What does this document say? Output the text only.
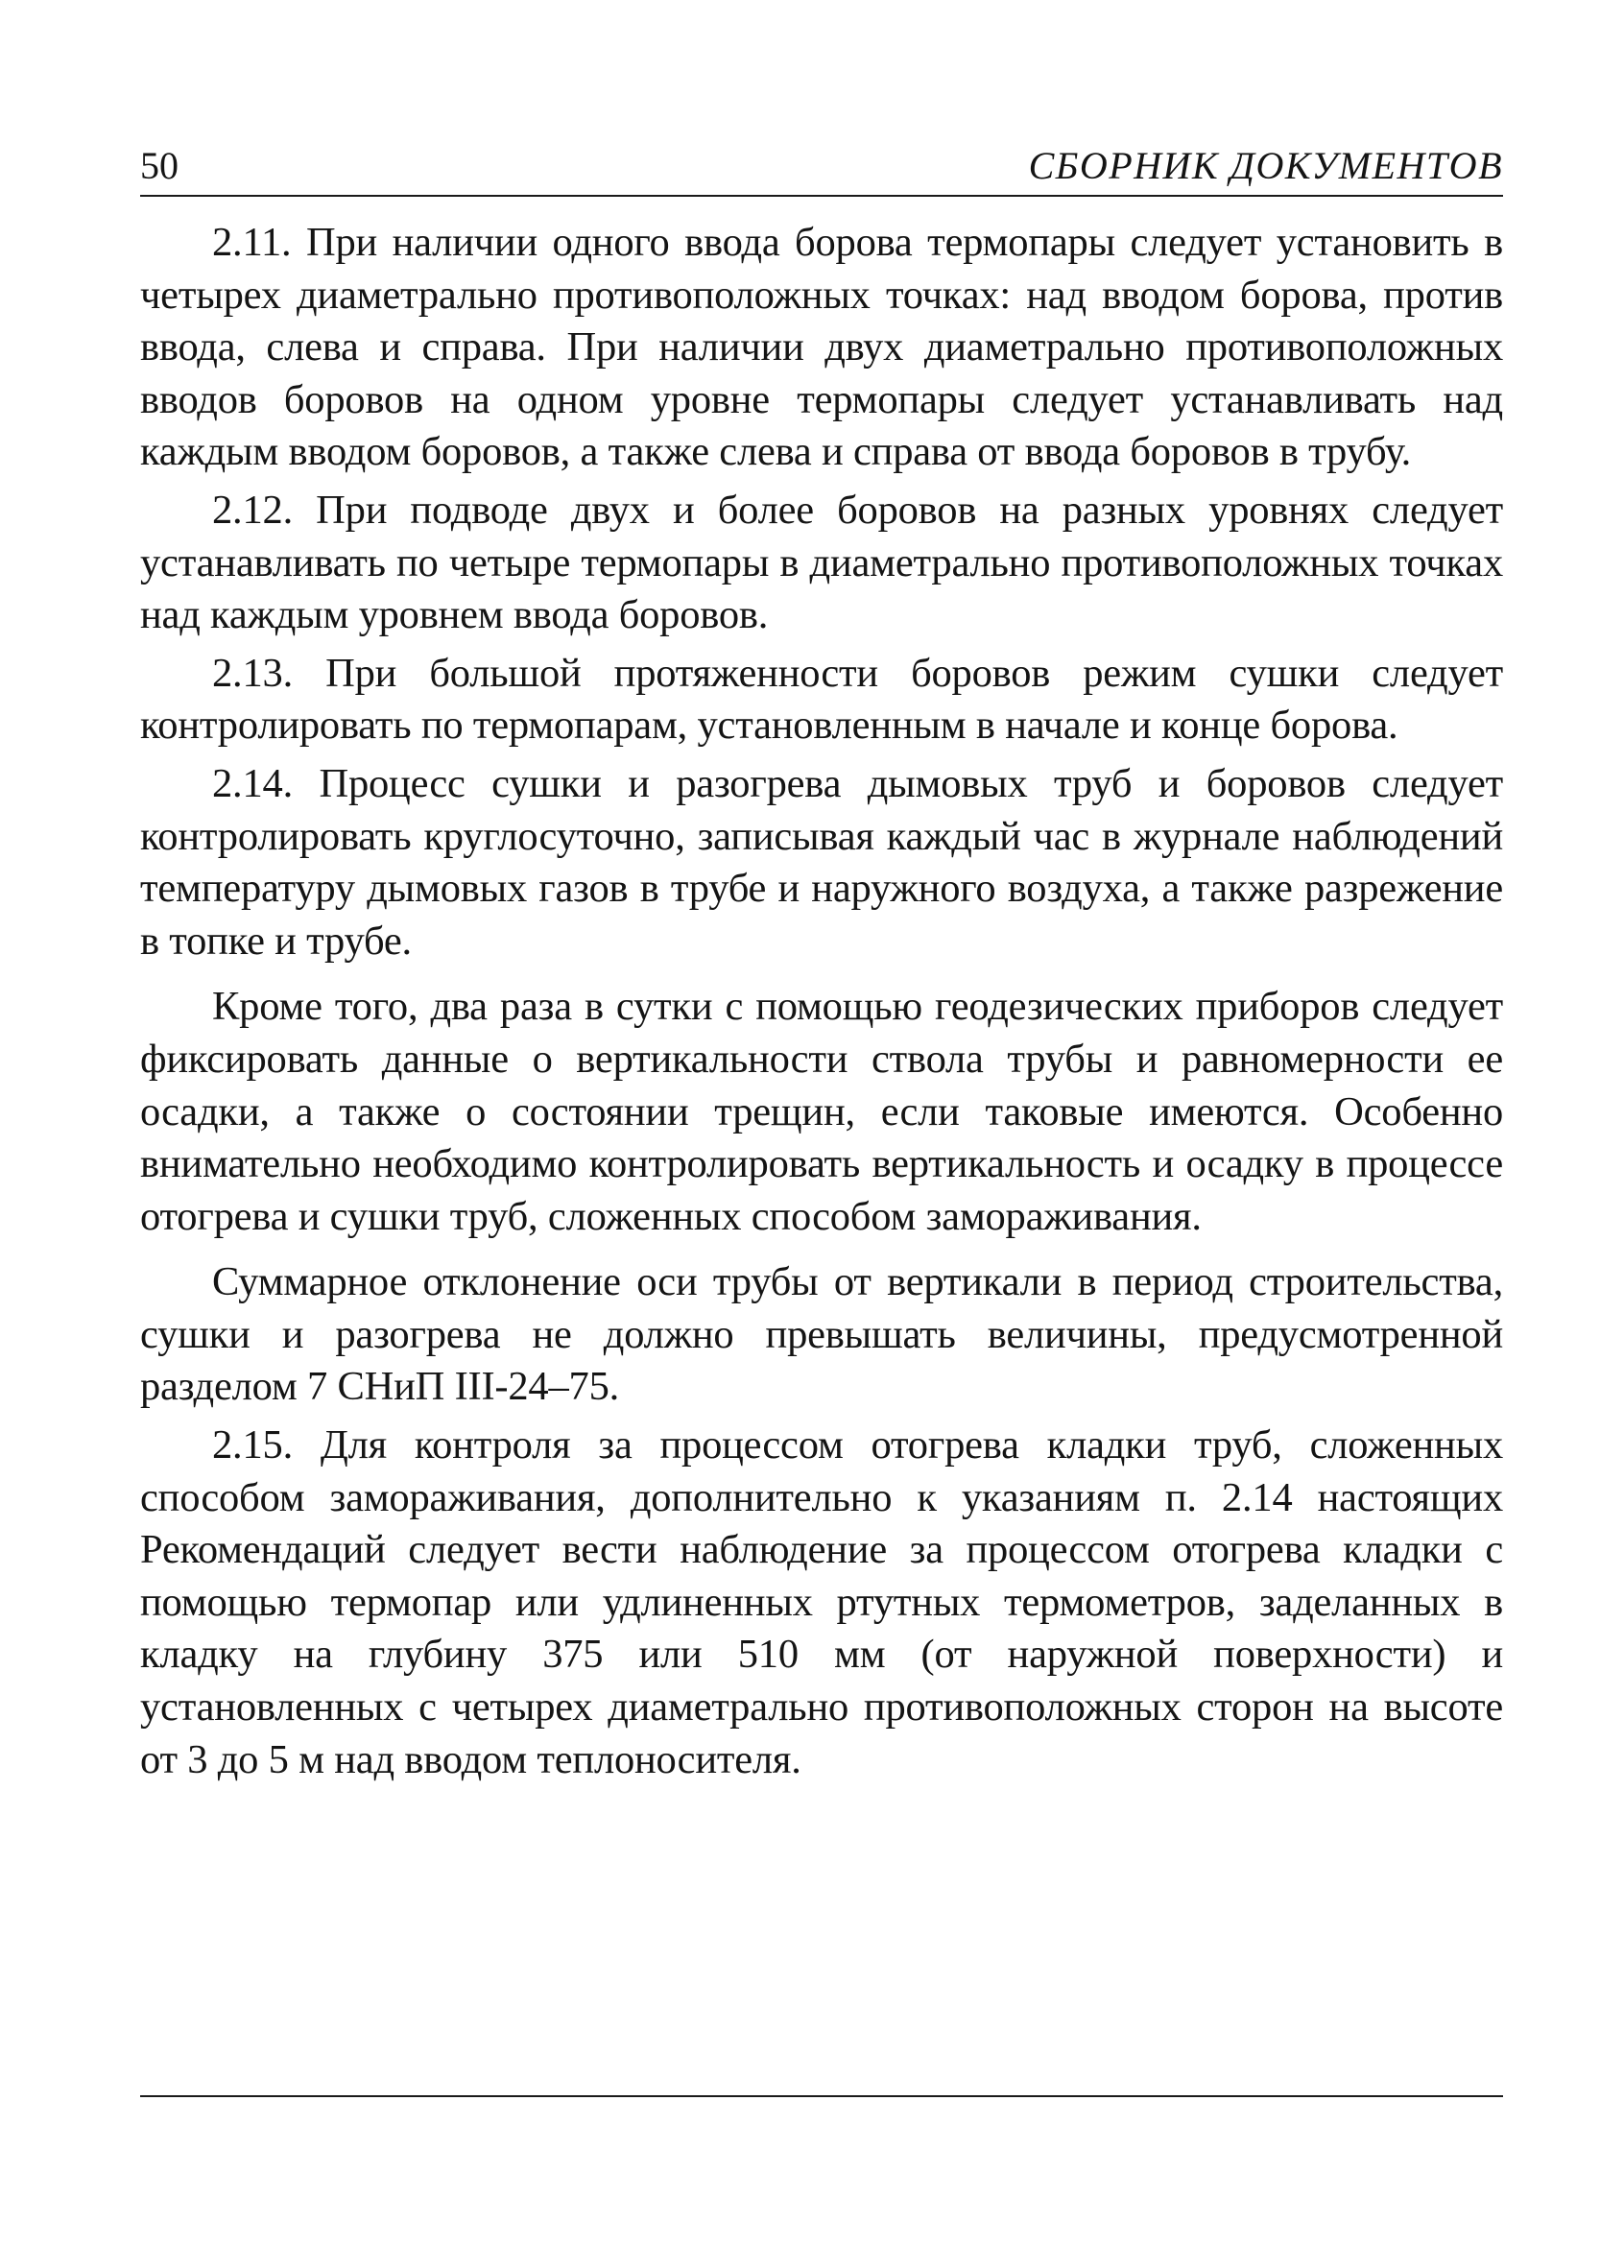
50	СБОРНИК ДОКУМЕНТОВ

2.11. При наличии одного ввода борова термопары следует установить в четырех диаметрально противоположных точках: над вводом борова, против ввода, слева и справа. При наличии двух диаметрально противоположных вводов боровов на одном уровне термопары следует устанавливать над каждым вводом боровов, а также слева и справа от ввода боровов в трубу.

2.12. При подводе двух и более боровов на разных уровнях следует устанавливать по четыре термопары в диаметрально противоположных точках над каждым уровнем ввода боровов.

2.13. При большой протяженности боровов режим сушки следует контролировать по термопарам, установленным в начале и конце борова.

2.14. Процесс сушки и разогрева дымовых труб и боровов следует контролировать круглосуточно, записывая каждый час в журнале наблюдений температуру дымовых газов в трубе и наружного воздуха, а также разрежение в топке и трубе.

Кроме того, два раза в сутки с помощью геодезических приборов следует фиксировать данные о вертикальности ствола трубы и равномерности ее осадки, а также о состоянии трещин, если таковые имеются. Особенно внимательно необходимо контролировать вертикальность и осадку в процессе отогрева и сушки труб, сложенных способом замораживания.

Суммарное отклонение оси трубы от вертикали в период строительства, сушки и разогрева не должно превышать величины, предусмотренной разделом 7 СНиП III-24–75.

2.15. Для контроля за процессом отогрева кладки труб, сложенных способом замораживания, дополнительно к указаниям п. 2.14 настоящих Рекомендаций следует вести наблюдение за процессом отогрева кладки с помощью термопар или удлиненных ртутных термометров, заделанных в кладку на глубину 375 или 510 мм (от наружной поверхности) и установленных с четырех диаметрально противоположных сторон на высоте от 3 до 5 м над вводом теплоносителя.
